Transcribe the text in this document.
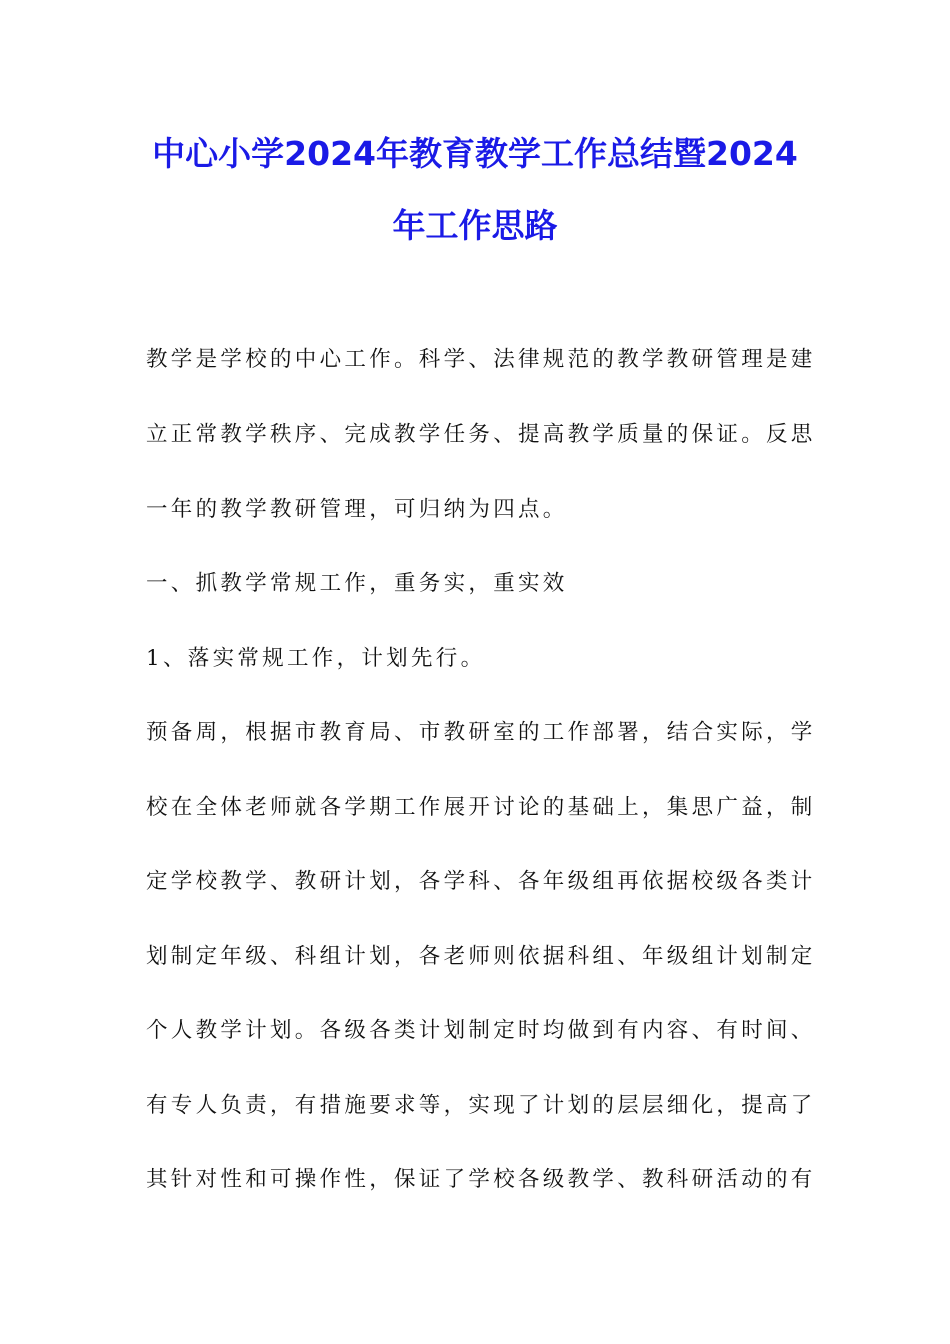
中心小学2024年教育教学工作总结暨2024
年工作思路

教学是学校的中心工作。科学、法律规范的教学教研管理是建

立正常教学秩序、完成教学任务、提高教学质量的保证。反思

一年的教学教研管理，可归纳为四点。

一、抓教学常规工作，重务实，重实效

1、落实常规工作，计划先行。

预备周，根据市教育局、市教研室的工作部署，结合实际，学

校在全体老师就各学期工作展开讨论的基础上，集思广益，制

定学校教学、教研计划，各学科、各年级组再依据校级各类计

划制定年级、科组计划，各老师则依据科组、年级组计划制定

个人教学计划。各级各类计划制定时均做到有内容、有时间、

有专人负责，有措施要求等，实现了计划的层层细化，提高了

其针对性和可操作性，保证了学校各级教学、教科研活动的有
